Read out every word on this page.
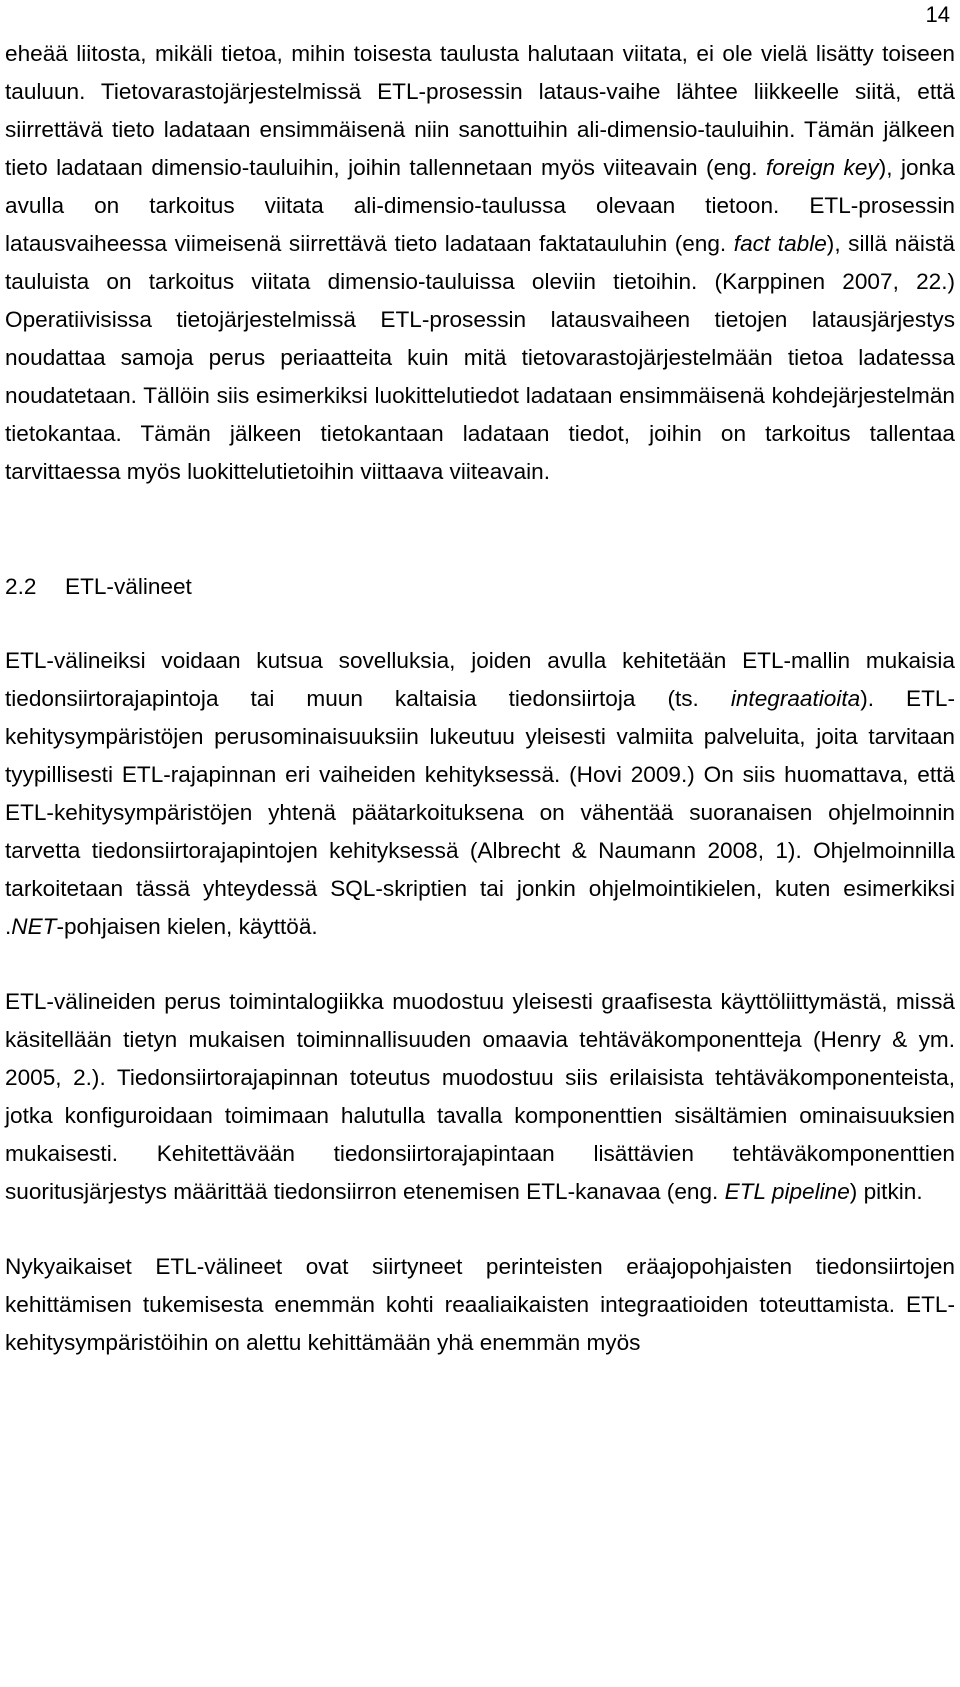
14

eheää liitosta, mikäli tietoa, mihin toisesta taulusta halutaan viitata, ei ole vielä lisätty toiseen tauluun. Tietovarastojärjestelmissä ETL-prosessin lataus-vaihe lähtee liikkeelle siitä, että siirrettävä tieto ladataan ensimmäisenä niin sanottuihin ali-dimensio-tauluihin. Tämän jälkeen tieto ladataan dimensio-tauluihin, joihin tallennetaan myös viiteavain (eng. foreign key), jonka avulla on tarkoitus viitata ali-dimensio-taulussa olevaan tietoon. ETL-prosessin latausvaiheessa viimeisenä siirrettävä tieto ladataan faktatauluhin (eng. fact table), sillä näistä tauluista on tarkoitus viitata dimensio-tauluissa oleviin tietoihin. (Karppinen 2007, 22.) Operatiivisissa tietojärjestelmissä ETL-prosessin latausvaiheen tietojen latausjärjestys noudattaa samoja perus periaatteita kuin mitä tietovarastojärjestelmään tietoa ladatessa noudatetaan. Tällöin siis esimerkiksi luokittelutiedot ladataan ensimmäisenä kohdejärjestelmän tietokantaa. Tämän jälkeen tietokantaan ladataan tiedot, joihin on tarkoitus tallentaa tarvittaessa myös luokittelutietoihin viittaava viiteavain.

2.2 ETL-välineet

ETL-välineiksi voidaan kutsua sovelluksia, joiden avulla kehitetään ETL-mallin mukaisia tiedonsiirtorajapintoja tai muun kaltaisia tiedonsiirtoja (ts. integraatioita). ETL-kehitysympäristöjen perusominaisuuksiin lukeutuu yleisesti valmiita palveluita, joita tarvitaan tyypillisesti ETL-rajapinnan eri vaiheiden kehityksessä. (Hovi 2009.) On siis huomattava, että ETL-kehitysympäristöjen yhtenä päätarkoituksena on vähentää suoranaisen ohjelmoinnin tarvetta tiedonsiirtorajapintojen kehityksessä (Albrecht & Naumann 2008, 1). Ohjelmoinnilla tarkoitetaan tässä yhteydessä SQL-skriptien tai jonkin ohjelmointikielen, kuten esimerkiksi .NET-pohjaisen kielen, käyttöä.

ETL-välineiden perus toimintalogiikka muodostuu yleisesti graafisesta käyttöliittymästä, missä käsitellään tietyn mukaisen toiminnallisuuden omaavia tehtäväkomponentteja (Henry & ym. 2005, 2.). Tiedonsiirtorajapinnan toteutus muodostuu siis erilaisista tehtäväkomponenteista, jotka konfiguroidaan toimimaan halutulla tavalla komponenttien sisältämien ominaisuuksien mukaisesti. Kehitettävään tiedonsiirtorajapintaan lisättävien tehtäväkomponenttien suoritusjärjestys määrittää tiedonsiirron etenemisen ETL-kanavaa (eng. ETL pipeline) pitkin.

Nykyaikaiset ETL-välineet ovat siirtyneet perinteisten eräajopohjaisten tiedonsiirtojen kehittämisen tukemisesta enemmän kohti reaaliaikaisten integraatioiden toteuttamista. ETL-kehitysympäristöihin on alettu kehittämään yhä enemmän myös
